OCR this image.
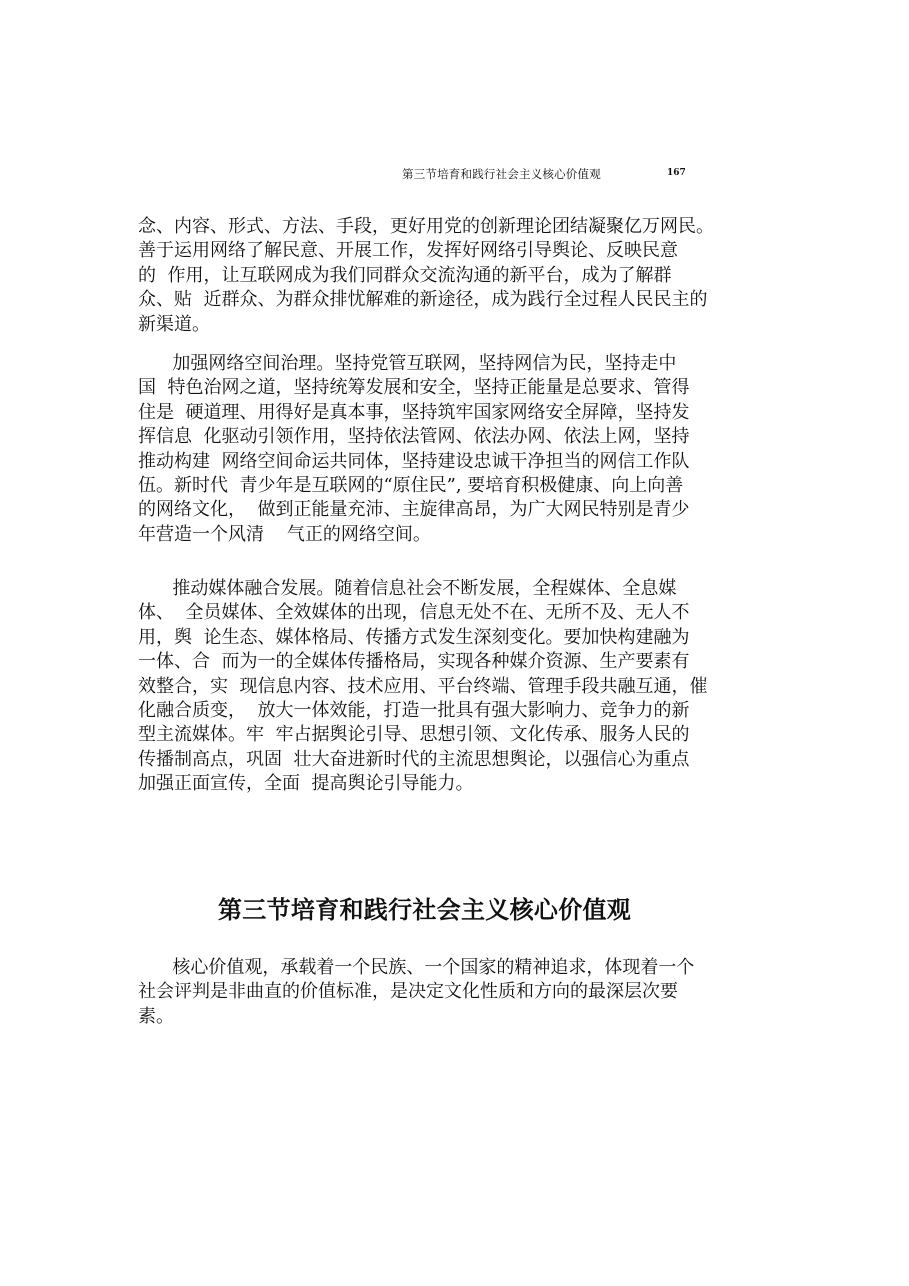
第三节培育和践行社会主义核心价值观	167
念、内容、形式、方法、手段，更好用党的创新理论团结凝聚亿万网民。
善于运用网络了解民意、开展工作，发挥好网络引导舆论、反映民意
的  作用，让互联网成为我们同群众交流沟通的新平台，成为了解群
众、贴  近群众、为群众排忧解难的新途径，成为践行全过程人民民主的
新渠道。
加强网络空间治理。坚持党管互联网，坚持网信为民，坚持走中
国  特色治网之道，坚持统筹发展和安全，坚持正能量是总要求、管得
住是  硬道理、用得好是真本事，坚持筑牢国家网络安全屏障，坚持发
挥信息  化驱动引领作用，坚持依法管网、依法办网、依法上网，坚持
推动构建  网络空间命运共同体，坚持建设忠诚干净担当的网信工作队
伍。新时代  青少年是互联网的“原住民”, 要培育积极健康、向上向善
的网络文化，  做到正能量充沛、主旋律高昂，为广大网民特别是青少
年营造一个风清    气正的网络空间。
推动媒体融合发展。随着信息社会不断发展，全程媒体、全息媒
体、  全员媒体、全效媒体的出现，信息无处不在、无所不及、无人不
用，舆  论生态、媒体格局、传播方式发生深刻变化。要加快构建融为
一体、合  而为一的全媒体传播格局，实现各种媒介资源、生产要素有
效整合，实  现信息内容、技术应用、平台终端、管理手段共融互通，催
化融合质变，  放大一体效能，打造一批具有强大影响力、竞争力的新
型主流媒体。牢  牢占据舆论引导、思想引领、文化传承、服务人民的
传播制高点，巩固  壮大奋进新时代的主流思想舆论，以强信心为重点
加强正面宣传，全面  提高舆论引导能力。
第三节培育和践行社会主义核心价值观
核心价值观，承载着一个民族、一个国家的精神追求，体现着一个
社会评判是非曲直的价值标准，是决定文化性质和方向的最深层次要
素。
